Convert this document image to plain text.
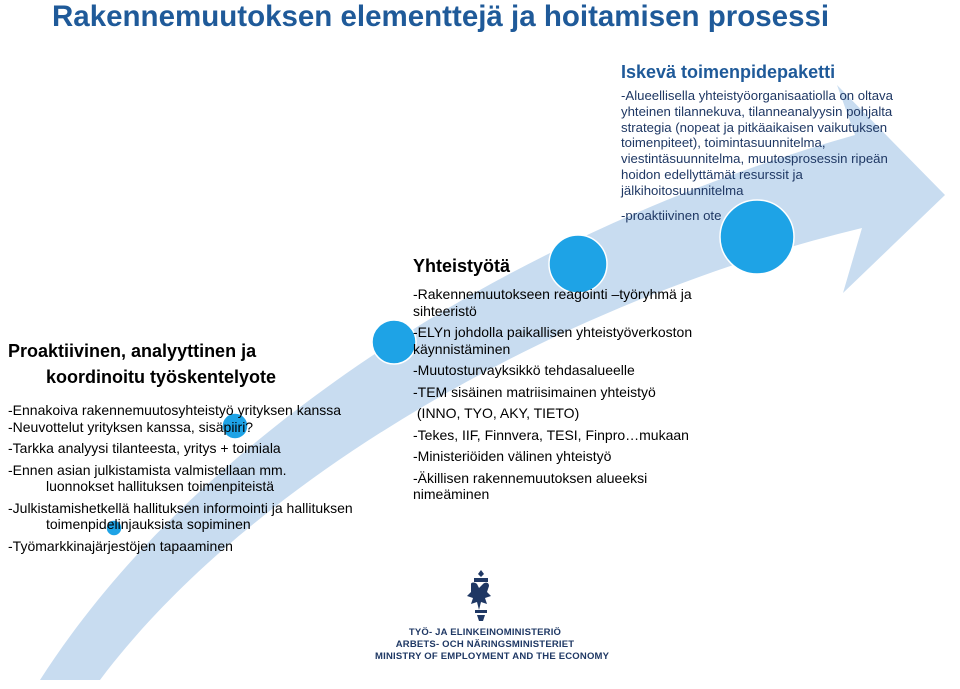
Rakennemuutoksen elementtejä ja hoitamisen prosessi
Iskevä toimenpidepaketti
-Alueellisella yhteistyöorganisaatiolla on oltava
yhteinen tilannekuva, tilanneanalyysin pohjalta
strategia (nopeat ja pitkäaikaisen vaikutuksen
toimenpiteet), toimintasuunnitelma,
viestintäsuunnitelma, muutosprosessin ripeän
hoidon edellyttämät resurssit ja
jälkihoitosuunnitelma
-proaktiivinen ote
Yhteistyötä
-Rakennemuutokseen reagointi –työryhmä ja
sihteeristö
-ELYn johdolla paikallisen yhteistyöverkoston
käynnistäminen
-Muutosturvayksikkö tehdasalueelle
-TEM sisäinen matriisimainen yhteistyö
(INNO, TYO, AKY, TIETO)
-Tekes, IIF, Finnvera, TESI, Finpro…mukaan
-Ministeriöiden välinen yhteistyö
-Äkillisen rakennemuutoksen alueeksi
nimeäminen
Proaktiivinen, analyyttinen ja
koordinoitu työskentelyote
-Ennakoiva rakennemuutosyhteistyö yrityksen kanssa
-Neuvottelut yrityksen kanssa, sisäpiiri?
-Tarkka analyysi tilanteesta, yritys + toimiala
-Ennen asian julkistamista valmistellaan mm.
luonnokset hallituksen toimenpiteistä
-Julkistamishetkellä hallituksen informointi ja hallituksen
toimenpidelinjauksista sopiminen
-Työmarkkinajärjestöjen tapaaminen
TYÖ- JA ELINKEINOMINISTERIÖ
ARBETS- OCH NÄRINGSMINISTERIET
MINISTRY OF EMPLOYMENT AND THE ECONOMY
